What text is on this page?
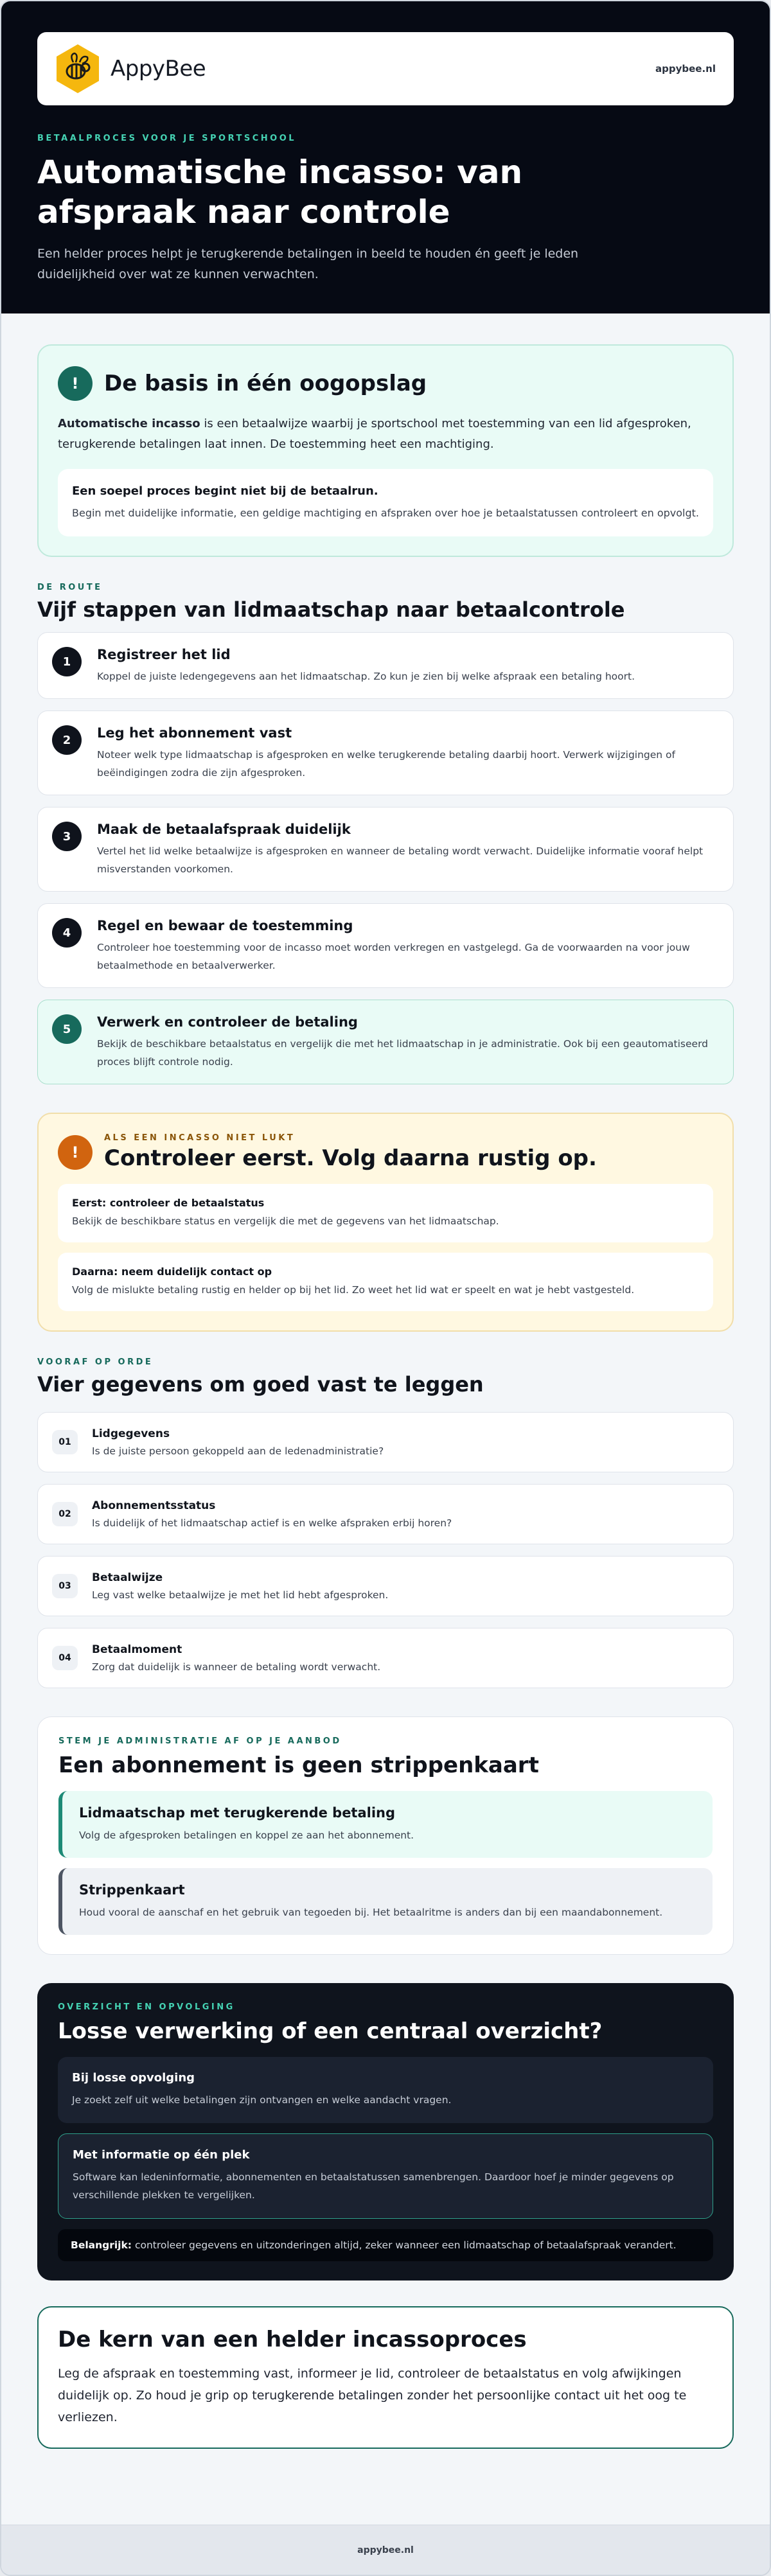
AppyBee	appybee.nl
BETAALPROCES VOOR JE SPORTSCHOOL
Automatische incasso: van afspraak naar controle

Een helder proces helpt je terugkerende betalingen in beeld te houden én geeft je leden duidelijkheid over wat ze kunnen verwachten.

!	De basis in één oogopslag

Automatische incasso is een betaalwijze waarbij je sportschool met toestemming van een lid afgesproken, terugkerende betalingen laat innen. De toestemming heet een machtiging.

Een soepel proces begint niet bij de betaalrun.
Begin met duidelijke informatie, een geldige machtiging en afspraken over hoe je betaalstatussen controleert en opvolgt.
DE ROUTE
Vijf stappen van lidmaatschap naar betaalcontrole
1	Registreer het lid
Koppel de juiste ledengegevens aan het lidmaatschap. Zo kun je zien bij welke afspraak een betaling hoort.
2	Leg het abonnement vast
Noteer welk type lidmaatschap is afgesproken en welke terugkerende betaling daarbij hoort. Verwerk wijzigingen of beëindigingen zodra die zijn afgesproken.
3	Maak de betaalafspraak duidelijk
Vertel het lid welke betaalwijze is afgesproken en wanneer de betaling wordt verwacht. Duidelijke informatie vooraf helpt misverstanden voorkomen.
4	Regel en bewaar de toestemming
Controleer hoe toestemming voor de incasso moet worden verkregen en vastgelegd. Ga de voorwaarden na voor jouw betaalmethode en betaalverwerker.
5	Verwerk en controleer de betaling
Bekijk de beschikbare betaalstatus en vergelijk die met het lidmaatschap in je administratie. Ook bij een geautomatiseerd proces blijft controle nodig.
!
ALS EEN INCASSO NIET LUKT
Controleer eerst. Volg daarna rustig op.
Eerst: controleer de betaalstatus
Bekijk de beschikbare status en vergelijk die met de gegevens van het lidmaatschap.
Daarna: neem duidelijk contact op
Volg de mislukte betaling rustig en helder op bij het lid. Zo weet het lid wat er speelt en wat je hebt vastgesteld.
VOORAF OP ORDE
Vier gegevens om goed vast te leggen
01
Lidgegevens
Is de juiste persoon gekoppeld aan de ledenadministratie?
02
Abonnementsstatus
Is duidelijk of het lidmaatschap actief is en welke afspraken erbij horen?
03
Betaalwijze
Leg vast welke betaalwijze je met het lid hebt afgesproken.
04
Betaalmoment
Zorg dat duidelijk is wanneer de betaling wordt verwacht.
STEM JE ADMINISTRATIE AF OP JE AANBOD
Een abonnement is geen strippenkaart
Lidmaatschap met terugkerende betaling
Volg de afgesproken betalingen en koppel ze aan het abonnement.
Strippenkaart
Houd vooral de aanschaf en het gebruik van tegoeden bij. Het betaalritme is anders dan bij een maandabonnement.
OVERZICHT EN OPVOLGING
Losse verwerking of een centraal overzicht?
Bij losse opvolging
Je zoekt zelf uit welke betalingen zijn ontvangen en welke aandacht vragen.
Met informatie op één plek
Software kan ledeninformatie, abonnementen en betaalstatussen samenbrengen. Daardoor hoef je minder gegevens op verschillende plekken te vergelijken.
Belangrijk: controleer gegevens en uitzonderingen altijd, zeker wanneer een lidmaatschap of betaalafspraak verandert.
De kern van een helder incassoproces

Leg de afspraak en toestemming vast, informeer je lid, controleer de betaalstatus en volg afwijkingen duidelijk op. Zo houd je grip op terugkerende betalingen zonder het persoonlijke contact uit het oog te verliezen.

appybee.nl
